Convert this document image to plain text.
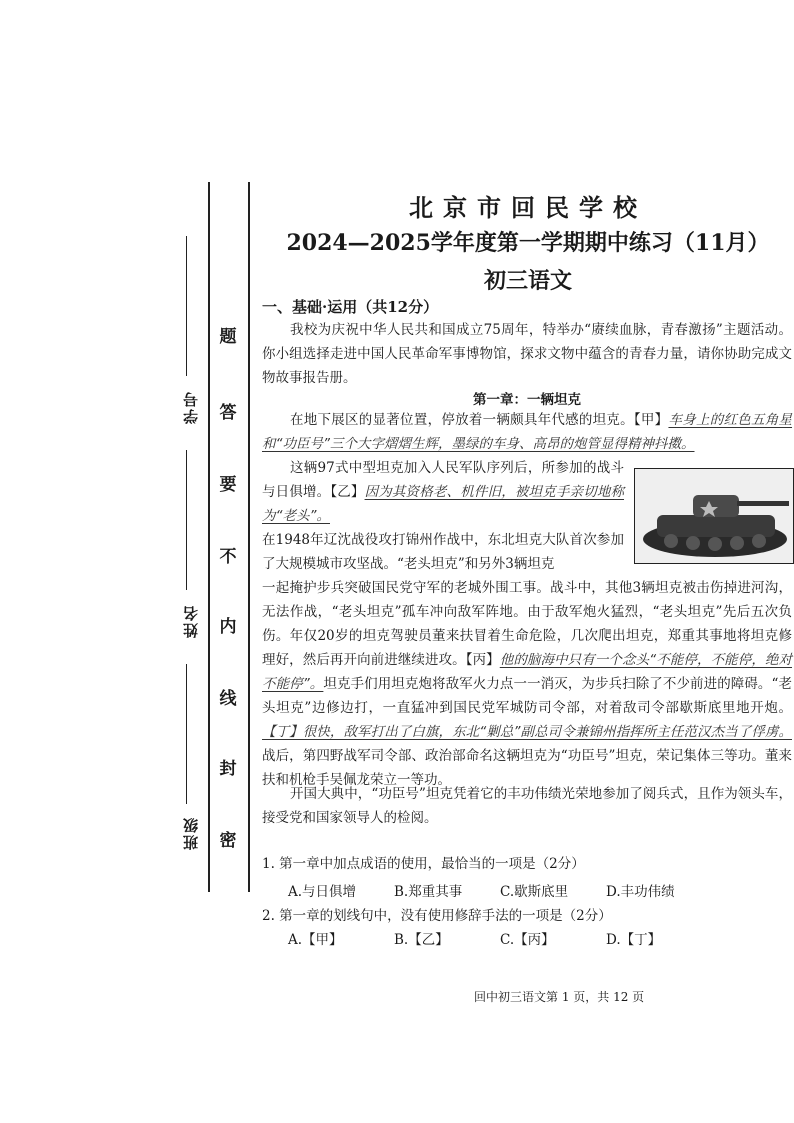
题
答
要
不
内
线
封
密
学号
姓名
班级
北京市回民学校
2024—2025学年度第一学期期中练习（11月）
初三语文
一、基础·运用（共12分）
我校为庆祝中华人民共和国成立75周年，特举办“赓续血脉，青春激扬”主题活动。你小组选择走进中国人民革命军事博物馆，探求文物中蕴含的青春力量，请你协助完成文物故事报告册。
第一章：一辆坦克
在地下展区的显著位置，停放着一辆颇具年代感的坦克。【甲】车身上的红色五角星和“功臣号”三个大字熠熠生辉，墨绿的车身、高昂的炮管显得精神抖擞。
这辆97式中型坦克加入人民军队序列后，所参加的战斗与日俱增。【乙】因为其资格老、机件旧，被坦克手亲切地称为“老头”。
在1948年辽沈战役攻打锦州作战中，东北坦克大队首次参加了大规模城市攻坚战。“老头坦克”和另外3辆坦克
一起掩护步兵突破国民党守军的老城外围工事。战斗中，其他3辆坦克被击伤掉进河沟，无法作战，“老头坦克”孤车冲向敌军阵地。由于敌军炮火猛烈，“老头坦克”先后五次负伤。年仅20岁的坦克驾驶员董来扶冒着生命危险，几次爬出坦克，郑重其事地将坦克修理好，然后再开向前进继续进攻。【丙】他的脑海中只有一个念头“不能停，不能停，绝对不能停”。坦克手们用坦克炮将敌军火力点一一消灭，为步兵扫除了不少前进的障碍。“老头坦克”边修边打，一直猛冲到国民党军城防司令部，对着敌司令部歇斯底里地开炮。【丁】很快，敌军打出了白旗，东北“剿总”副总司令兼锦州指挥所主任范汉杰当了俘虏。战后，第四野战军司令部、政治部命名这辆坦克为“功臣号”坦克，荣记集体三等功。董来扶和机枪手吴佩龙荣立一等功。
开国大典中，“功臣号”坦克凭着它的丰功伟绩光荣地参加了阅兵式，且作为领头车，接受党和国家领导人的检阅。
1. 第一章中加点成语的使用，最恰当的一项是（2分）
A.与日俱增	B.郑重其事	C.歇斯底里	D.丰功伟绩
2. 第一章的划线句中，没有使用修辞手法的一项是（2分）
A.【甲】	B.【乙】	C.【丙】	D.【丁】
回中初三语文第 1 页，共 12 页
